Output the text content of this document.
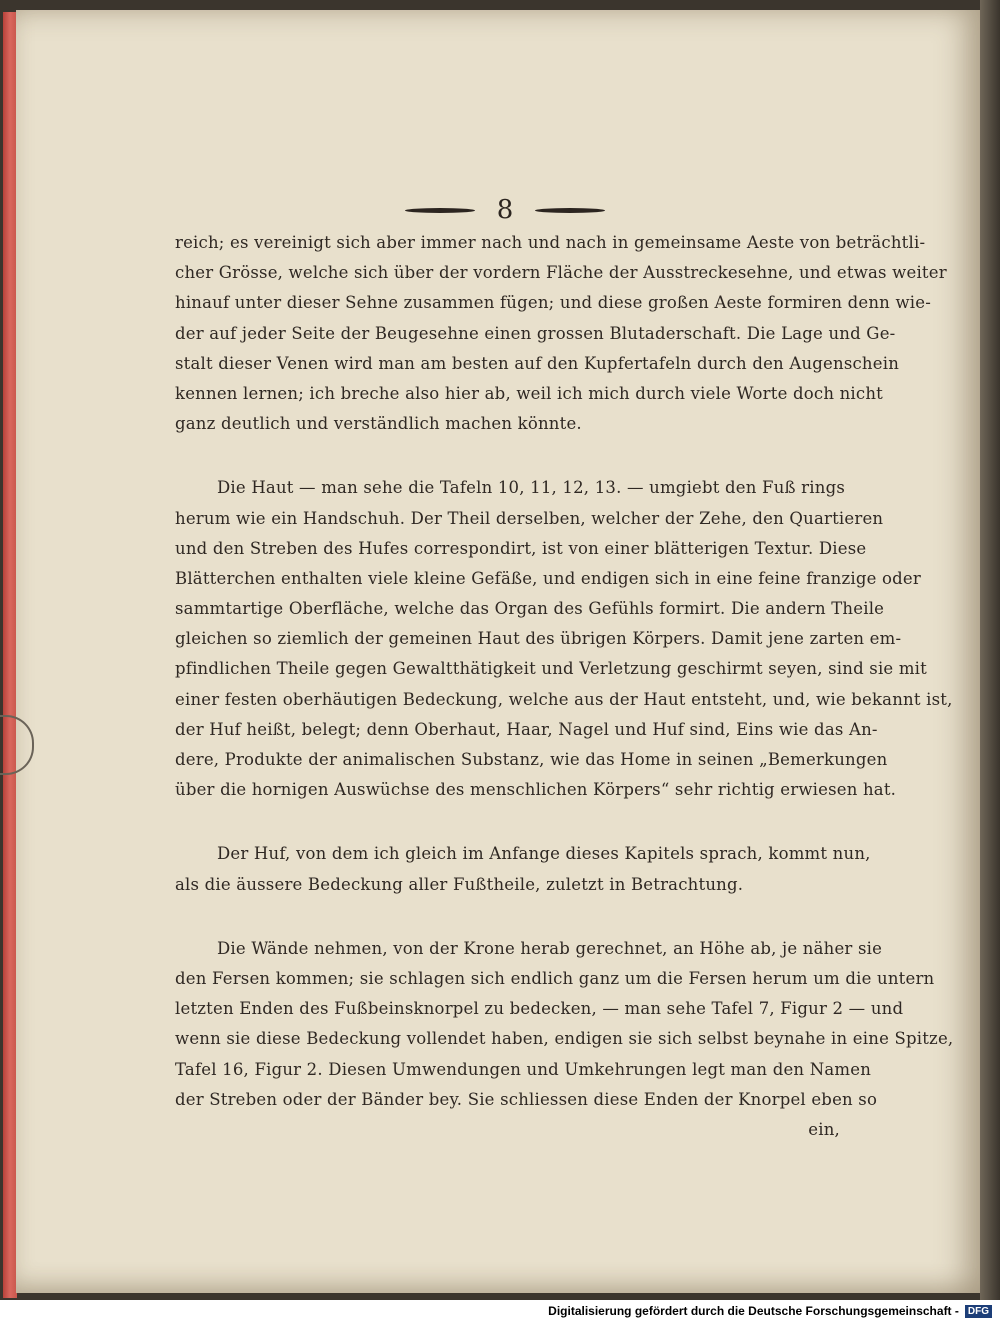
8
reich; es vereinigt sich aber immer nach und nach in gemeinsame Aeste von beträchtli-
cher Grösse, welche sich über der vordern Fläche der Ausstreckesehne, und etwas weiter
hinauf unter dieser Sehne zusammen fügen; und diese großen Aeste formiren denn wie-
der auf jeder Seite der Beugesehne einen grossen Blutaderschaft. Die Lage und Ge-
stalt dieser Venen wird man am besten auf den Kupfertafeln durch den Augenschein
kennen lernen; ich breche also hier ab, weil ich mich durch viele Worte doch nicht
ganz deutlich und verständlich machen könnte.
Die Haut — man sehe die Tafeln 10, 11, 12, 13. — umgiebt den Fuß rings
herum wie ein Handschuh. Der Theil derselben, welcher der Zehe, den Quartieren
und den Streben des Hufes correspondirt, ist von einer blätterigen Textur. Diese
Blätterchen enthalten viele kleine Gefäße, und endigen sich in eine feine franzige oder
sammtartige Oberfläche, welche das Organ des Gefühls formirt. Die andern Theile
gleichen so ziemlich der gemeinen Haut des übrigen Körpers. Damit jene zarten em-
pfindlichen Theile gegen Gewaltthätigkeit und Verletzung geschirmt seyen, sind sie mit
einer festen oberhäutigen Bedeckung, welche aus der Haut entsteht, und, wie bekannt ist,
der Huf heißt, belegt; denn Oberhaut, Haar, Nagel und Huf sind, Eins wie das An-
dere, Produkte der animalischen Substanz, wie das Home in seinen „Bemerkungen
über die hornigen Auswüchse des menschlichen Körpers“ sehr richtig erwiesen hat.
Der Huf, von dem ich gleich im Anfange dieses Kapitels sprach, kommt nun,
als die äussere Bedeckung aller Fußtheile, zuletzt in Betrachtung.
Die Wände nehmen, von der Krone herab gerechnet, an Höhe ab, je näher sie
den Fersen kommen; sie schlagen sich endlich ganz um die Fersen herum um die untern
letzten Enden des Fußbeinsknorpel zu bedecken, — man sehe Tafel 7, Figur 2 — und
wenn sie diese Bedeckung vollendet haben, endigen sie sich selbst beynahe in eine Spitze,
Tafel 16, Figur 2. Diesen Umwendungen und Umkehrungen legt man den Namen
der Streben oder der Bänder bey. Sie schliessen diese Enden der Knorpel eben so
ein,
Digitalisierung gefördert durch die Deutsche Forschungsgemeinschaft - DFG
